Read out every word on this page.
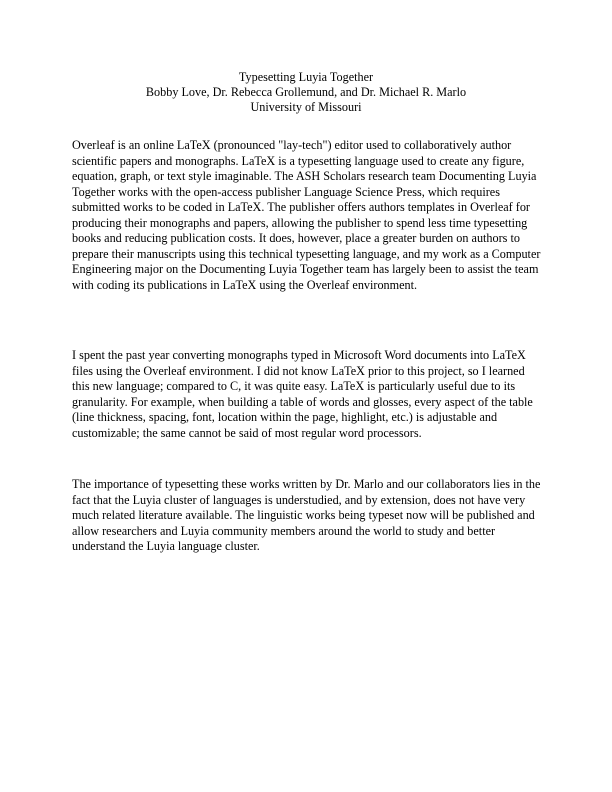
Typesetting Luyia Together
Bobby Love, Dr. Rebecca Grollemund, and Dr. Michael R. Marlo
University of Missouri

Overleaf is an online LaTeX (pronounced "lay-tech") editor used to collaboratively author scientific papers and monographs. LaTeX is a typesetting language used to create any figure, equation, graph, or text style imaginable. The ASH Scholars research team Documenting Luyia Together works with the open-access publisher Language Science Press, which requires submitted works to be coded in LaTeX. The publisher offers authors templates in Overleaf for producing their monographs and papers, allowing the publisher to spend less time typesetting books and reducing publication costs. It does, however, place a greater burden on authors to prepare their manuscripts using this technical typesetting language, and my work as a Computer Engineering major on the Documenting Luyia Together team has largely been to assist the team with coding its publications in LaTeX using the Overleaf environment.

I spent the past year converting monographs typed in Microsoft Word documents into LaTeX files using the Overleaf environment. I did not know LaTeX prior to this project, so I learned this new language; compared to C, it was quite easy. LaTeX is particularly useful due to its granularity. For example, when building a table of words and glosses, every aspect of the table (line thickness, spacing, font, location within the page, highlight, etc.) is adjustable and customizable; the same cannot be said of most regular word processors.

The importance of typesetting these works written by Dr. Marlo and our collaborators lies in the fact that the Luyia cluster of languages is understudied, and by extension, does not have very much related literature available. The linguistic works being typeset now will be published and allow researchers and Luyia community members around the world to study and better understand the Luyia language cluster.
